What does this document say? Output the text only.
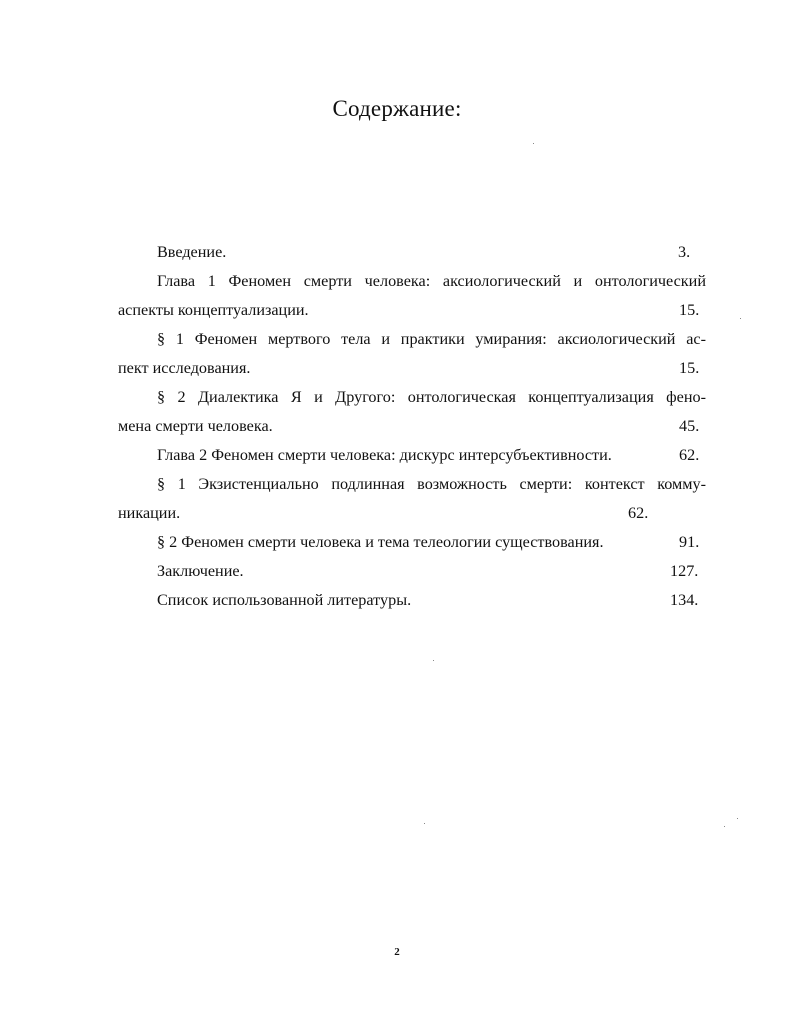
Содержание:
Введение.	3.
Глава 1 Феномен смерти человека: аксиологический и онтологический
аспекты концептуализации.	15.
§ 1 Феномен мертвого тела и практики умирания: аксиологический ас-
пект исследования.	15.
§ 2 Диалектика Я и Другого: онтологическая концептуализация фено-
мена смерти человека.	45.
Глава 2 Феномен смерти человека: дискурс интерсубъективности.	62.
§ 1 Экзистенциально подлинная возможность смерти: контекст комму-
никации.	62.
§ 2 Феномен смерти человека и тема телеологии существования.	91.
Заключение.	127.
Список использованной литературы.	134.
2
